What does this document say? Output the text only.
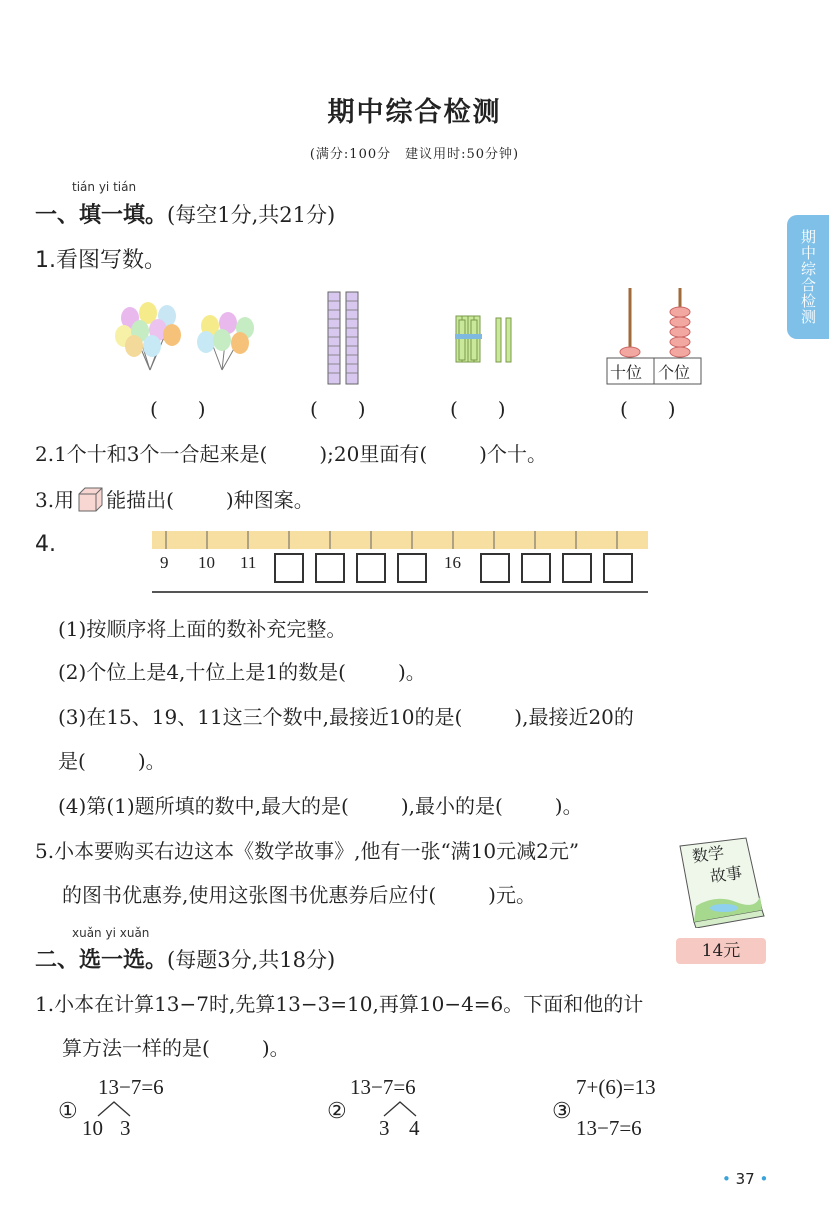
期中综合检测
(满分:100分　建议用时:50分钟)
期中综合检测
tián yi tián
一、填一填。(每空1分,共21分)
1.看图写数。
十位 个位
(　　)	(　　)	(　　)	(　　)
2.1个十和3个一合起来是(	);20里面有(	)个十。
3.用 能描出(	)种图案。
4.
9 10 11	16
(1)按顺序将上面的数补充完整。
(2)个位上是4,十位上是1的数是(	)。
(3)在15、19、11这三个数中,最接近10的是(	),最接近20的
是(	)。
(4)第(1)题所填的数中,最大的是(	),最小的是(	)。
5.小本要购买右边这本《数学故事》,他有一张“满10元减2元”
的图书优惠券,使用这张图书优惠券后应付(	)元。
数学
故事
14元
xuǎn yi xuǎn
二、选一选。(每题3分,共18分)
1.小本在计算13−7时,先算13−3=10,再算10−4=6。下面和他的计
算方法一样的是(	)。
①
13−7=6
10 3
②
13−7=6
3 4
③
7+(6)=13
13−7=6
• 37 •
